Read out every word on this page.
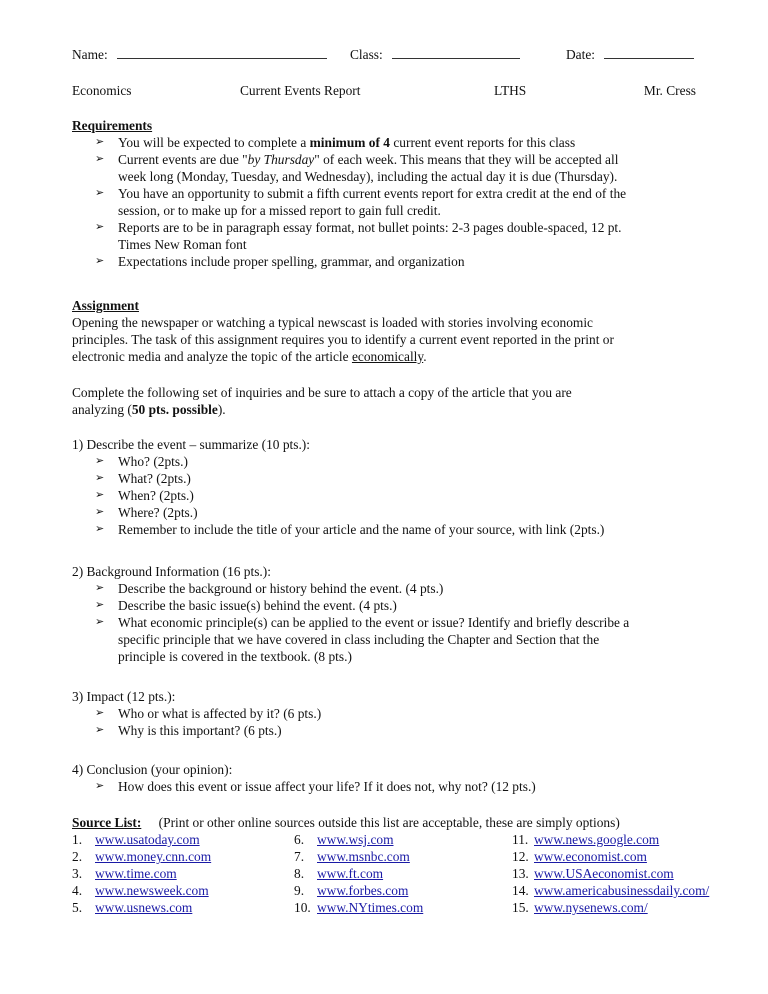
Name:	Class:	Date:
Economics	Current Events Report	LTHS	Mr. Cress
Requirements
➢ You will be expected to complete a minimum of 4 current event reports for this class
➢ Current events are due "by Thursday" of each week. This means that they will be accepted all
week long (Monday, Tuesday, and Wednesday), including the actual day it is due (Thursday).
➢ You have an opportunity to submit a fifth current events report for extra credit at the end of the
session, or to make up for a missed report to gain full credit.
➢ Reports are to be in paragraph essay format, not bullet points: 2-3 pages double-spaced, 12 pt.
Times New Roman font
➢ Expectations include proper spelling, grammar, and organization
Assignment
Opening the newspaper or watching a typical newscast is loaded with stories involving economic
principles. The task of this assignment requires you to identify a current event reported in the print or
electronic media and analyze the topic of the article economically.
Complete the following set of inquiries and be sure to attach a copy of the article that you are
analyzing (50 pts. possible).
1) Describe the event – summarize (10 pts.):
➢ Who? (2pts.)
➢ What? (2pts.)
➢ When? (2pts.)
➢ Where? (2pts.)
➢ Remember to include the title of your article and the name of your source, with link (2pts.)
2) Background Information (16 pts.):
➢ Describe the background or history behind the event. (4 pts.)
➢ Describe the basic issue(s) behind the event. (4 pts.)
➢ What economic principle(s) can be applied to the event or issue? Identify and briefly describe a
specific principle that we have covered in class including the Chapter and Section that the
principle is covered in the textbook. (8 pts.)
3) Impact (12 pts.):
➢ Who or what is affected by it? (6 pts.)
➢ Why is this important? (6 pts.)
4) Conclusion (your opinion):
➢ How does this event or issue affect your life? If it does not, why not? (12 pts.)
Source List: (Print or other online sources outside this list are acceptable, these are simply options)
1. www.usatoday.com
2. www.money.cnn.com
3. www.time.com
4. www.newsweek.com
5. www.usnews.com
6. www.wsj.com
7. www.msnbc.com
8. www.ft.com
9. www.forbes.com
10. www.NYtimes.com
11. www.news.google.com
12. www.economist.com
13. www.USAeconomist.com
14. www.americabusinessdaily.com/
15. www.nysenews.com/
